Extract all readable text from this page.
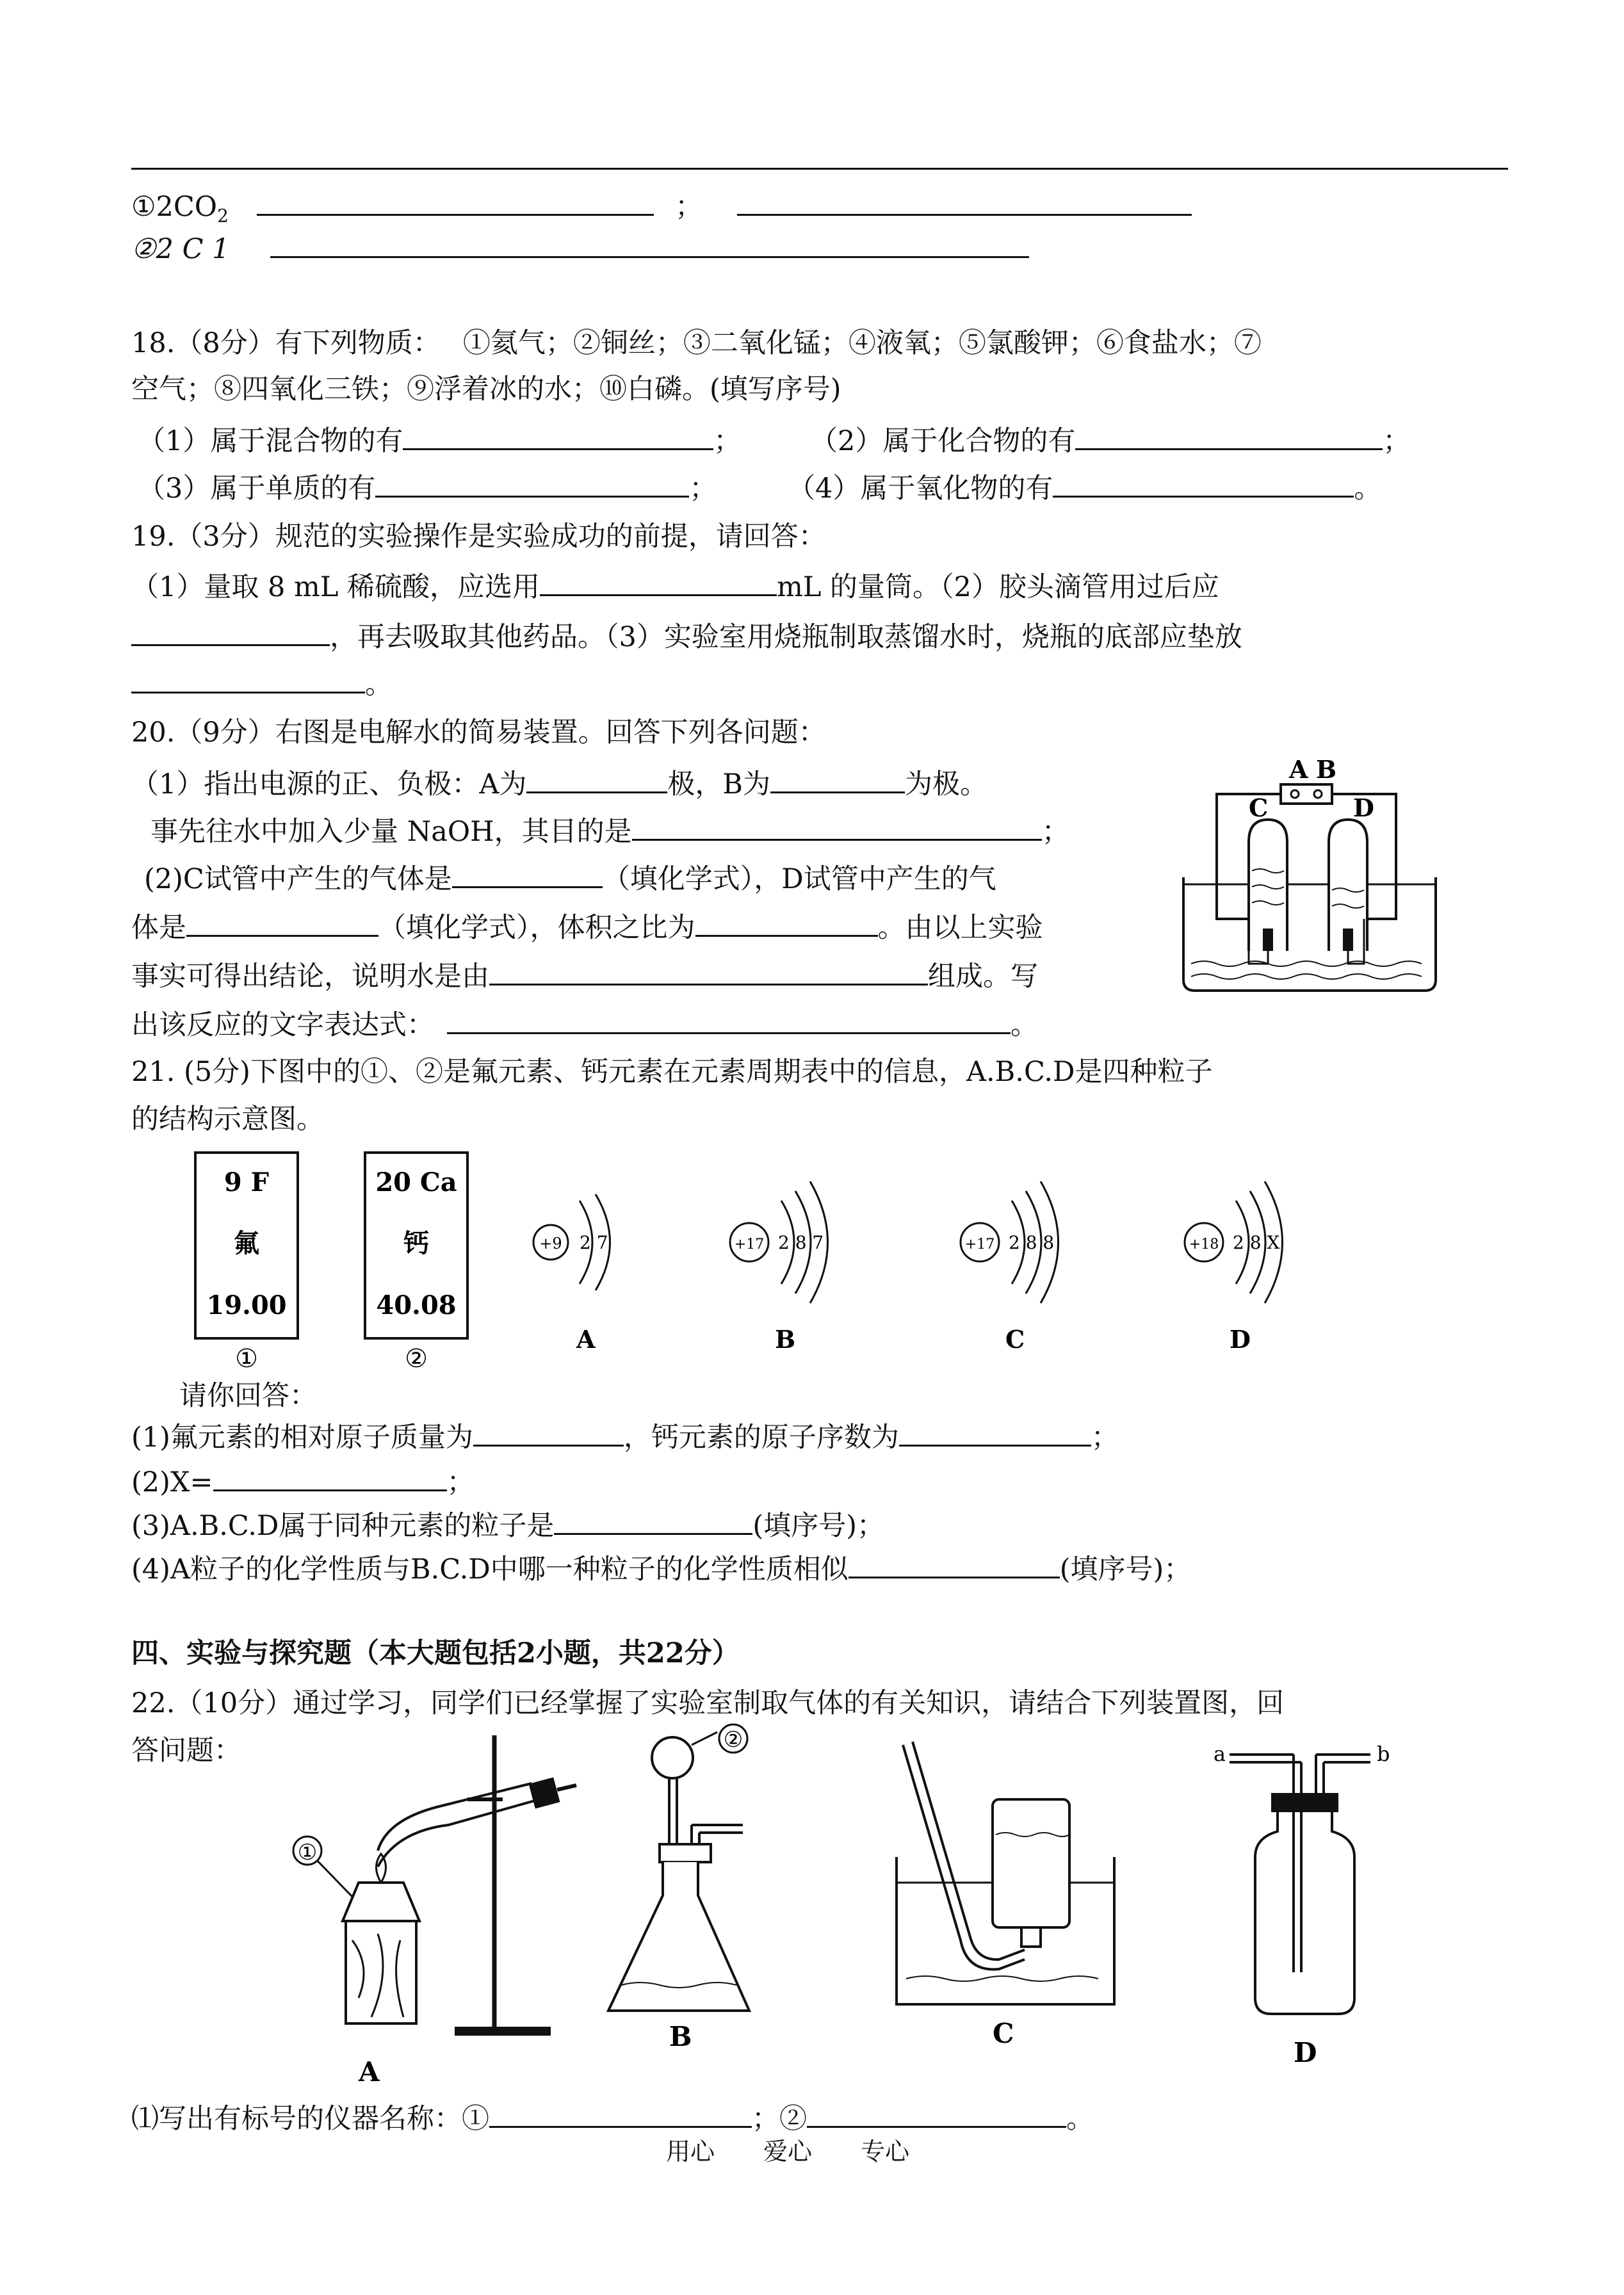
$①2CO_2$	；
②2 C 1
18.（8分）有下列物质：　 ①氦气；②铜丝；③二氧化锰；④液氧；⑤氯酸钾；⑥食盐水；⑦
空气；⑧四氧化三铁；⑨浮着冰的水；⑩白磷。(填写序号)
（1）属于混合物的有	；	（2）属于化合物的有	；
（3）属于单质的有	；	（4）属于氧化物的有	。
19.（3分）规范的实验操作是实验成功的前提，请回答：
（1）量取 8 mL 稀硫酸，应选用	mL 的量筒。（2）胶头滴管用过后应
，再去吸取其他药品。（3）实验室用烧瓶制取蒸馏水时，烧瓶的底部应垫放
。
20.（9分）右图是电解水的简易装置。回答下列各问题：
（1）指出电源的正、负极：A为	极，B为	为极。
事先往水中加入少量 NaOH，其目的是	；
(2)C试管中产生的气体是	（填化学式），D试管中产生的气
体是	（填化学式），体积之比为	。由以上实验
事实可得出结论，说明水是由	组成。写
出该反应的文字表达式：	。
A B
C	D
21. (5分)下图中的①、②是氟元素、钙元素在元素周期表中的信息，A.B.C.D是四种粒子
的结构示意图。
9 F
氟
19.00
20 Ca
钙
40.08
①	②
+9 2 7
A
+17 2 8 7
B
+17 2 8 8
C
+18 2 8 X
D
请你回答：
(1)氟元素的相对原子质量为	，钙元素的原子序数为	；
(2)X=	；
(3)A.B.C.D属于同种元素的粒子是	(填序号)；
(4)A粒子的化学性质与B.C.D中哪一种粒子的化学性质相似	(填序号)；
四、实验与探究题（本大题包括2小题，共22分）
22.（10分）通过学习，同学们已经掌握了实验室制取气体的有关知识，请结合下列装置图，回
答问题：
①
A
②
B	C
a	b
D
⑴写出有标号的仪器名称：①	；②	。
用心　　爱心　　专心
